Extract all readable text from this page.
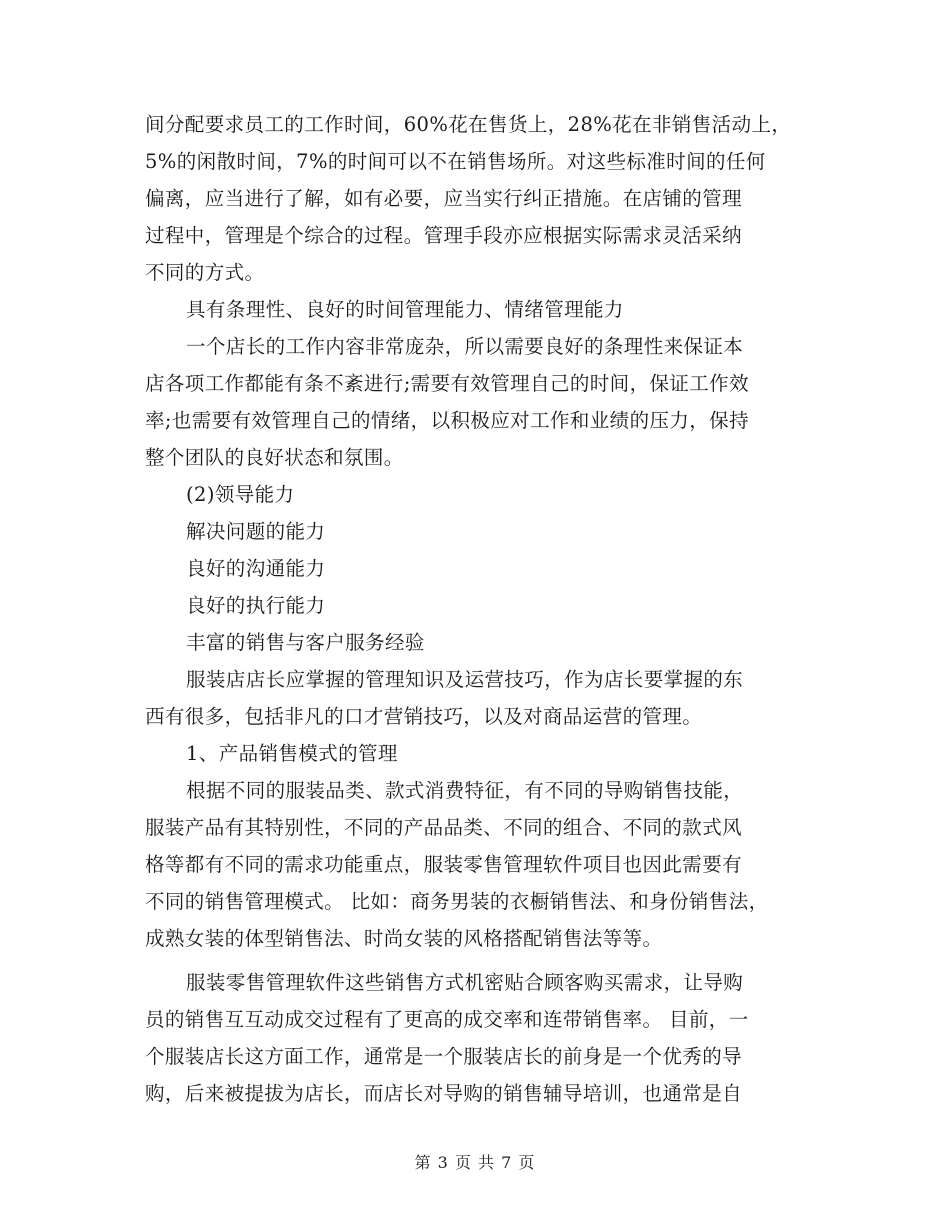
间分配要求员工的工作时间，60%花在售货上，28%花在非销售活动上，
5%的闲散时间，7%的时间可以不在销售场所。对这些标准时间的任何
偏离，应当进行了解，如有必要，应当实行纠正措施。在店铺的管理
过程中，管理是个综合的过程。管理手段亦应根据实际需求灵活采纳
不同的方式。
具有条理性、良好的时间管理能力、情绪管理能力
一个店长的工作内容非常庞杂，所以需要良好的条理性来保证本
店各项工作都能有条不紊进行;需要有效管理自己的时间，保证工作效
率;也需要有效管理自己的情绪，以积极应对工作和业绩的压力，保持
整个团队的良好状态和氛围。
(2)领导能力
解决问题的能力
良好的沟通能力
良好的执行能力
丰富的销售与客户服务经验
服装店店长应掌握的管理知识及运营技巧，作为店长要掌握的东
西有很多，包括非凡的口才营销技巧，以及对商品运营的管理。
1、产品销售模式的管理
根据不同的服装品类、款式消费特征，有不同的导购销售技能，
服装产品有其特别性，不同的产品品类、不同的组合、不同的款式风
格等都有不同的需求功能重点，服装零售管理软件项目也因此需要有
不同的销售管理模式。 比如：商务男装的衣橱销售法、和身份销售法，
成熟女装的体型销售法、时尚女装的风格搭配销售法等等。
服装零售管理软件这些销售方式机密贴合顾客购买需求，让导购
员的销售互互动成交过程有了更高的成交率和连带销售率。 目前，一
个服装店长这方面工作，通常是一个服装店长的前身是一个优秀的导
购，后来被提拔为店长，而店长对导购的销售辅导培训，也通常是自
第 3 页 共 7 页
